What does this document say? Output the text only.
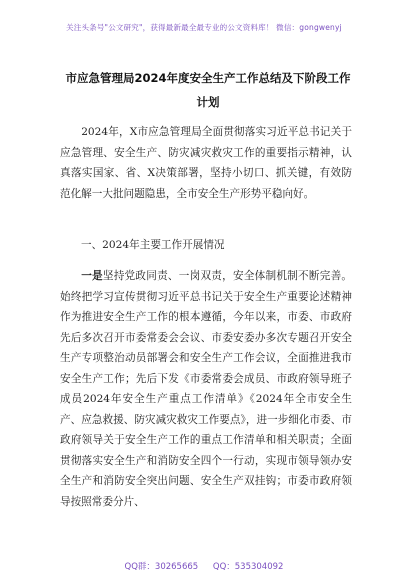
关注头条号"公文研究"，获得最新最全最专业的公文资料库！ 微信：gongwenyj
市应急管理局2024年度安全生产工作总结及下阶段工作计划
2024年，X市应急管理局全面贯彻落实习近平总书记关于应急管理、安全生产、防灾减灾救灾工作的重要指示精神，认真落实国家、省、X决策部署，坚持小切口、抓关键，有效防范化解一大批问题隐患，全市安全生产形势平稳向好。
一、2024年主要工作开展情况
一是坚持党政同责、一岗双责，安全体制机制不断完善。始终把学习宣传贯彻习近平总书记关于安全生产重要论述精神作为推进安全生产工作的根本遵循，今年以来，市委、市政府先后多次召开市委常委会会议、市委安委办多次专题召开安全生产专项整治动员部署会和安全生产工作会议，全面推进我市安全生产工作；先后下发《市委常委会成员、市政府领导班子成员2024年安全生产重点工作清单》《2024年全市安全生产、应急救援、防灾减灾救灾工作要点》，进一步细化市委、市政府领导关于安全生产工作的重点工作清单和相关职责；全面贯彻落实安全生产和消防安全四个一行动，实现市领导领办安全生产和消防安全突出问题、安全生产双挂钩；市委市政府领导按照常委分片、
QQ群：30265665 QQ：535304092
